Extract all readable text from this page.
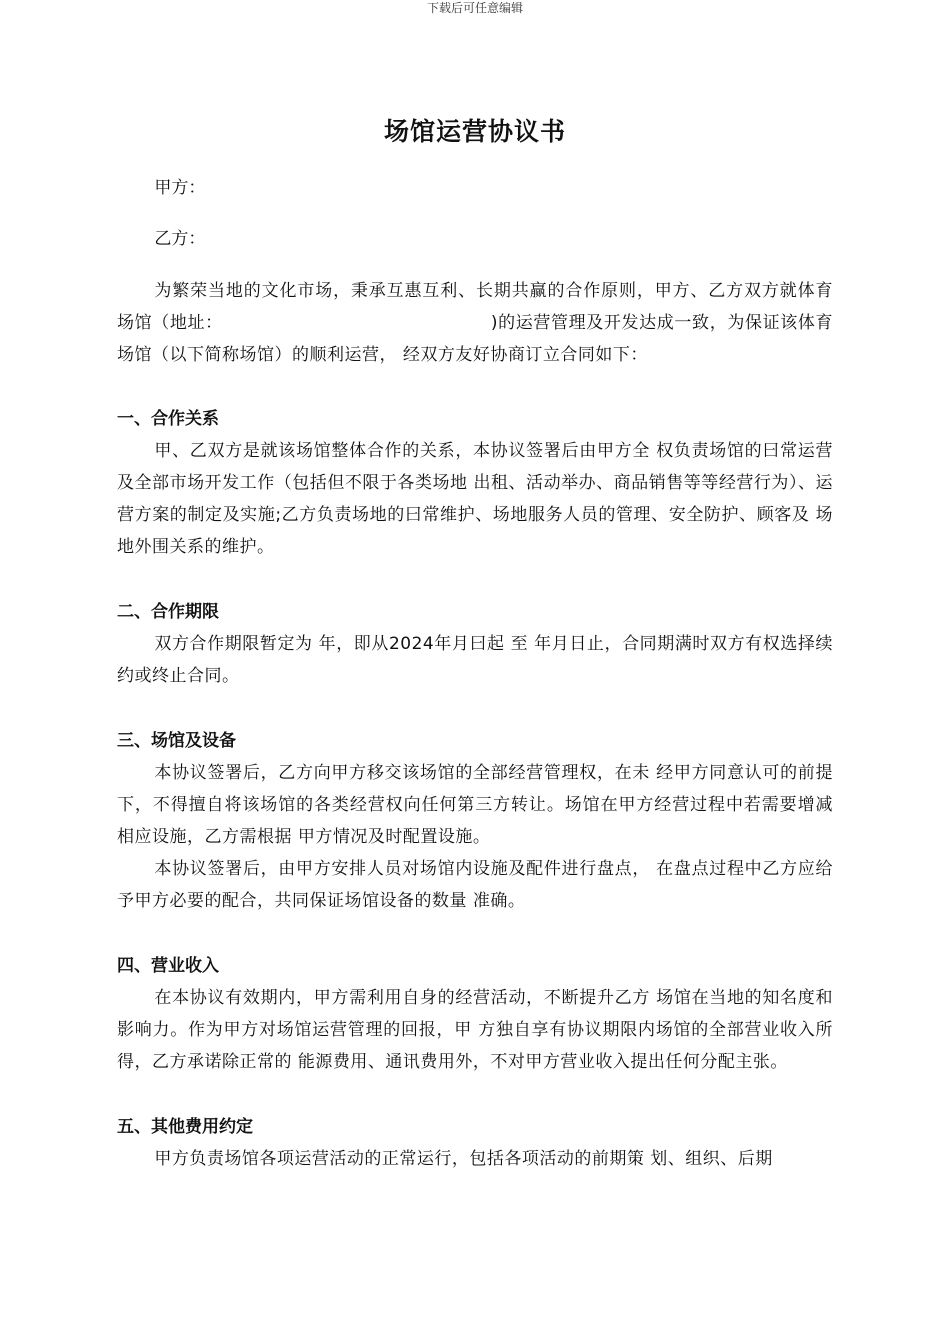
下载后可任意编辑
场馆运营协议书

甲方：

乙方：

为繁荣当地的文化市场，秉承互惠互利、长期共赢的合作原则，甲方、乙方双方就体育场馆（地址：	)的运营管理及开发达成一致，为保证该体育场馆（以下简称场馆）的顺利运营， 经双方友好协商订立合同如下：

一、合作关系

甲、乙双方是就该场馆整体合作的关系，本协议签署后由甲方全 权负责场馆的曰常运营及全部市场开发工作（包括但不限于各类场地 出租、活动举办、商品销售等等经营行为）、运营方案的制定及实施;乙方负责场地的曰常维护、场地服务人员的管理、安全防护、顾客及 场地外围关系的维护。

二、合作期限

双方合作期限暂定为 年，即从2024年月曰起 至 年月日止，合同期满时双方有权选择续约或终止合同。

三、场馆及设备

本协议签署后，乙方向甲方移交该场馆的全部经营管理权，在未 经甲方同意认可的前提下，不得擅自将该场馆的各类经营权向任何第三方转让。场馆在甲方经营过程中若需要增减相应设施，乙方需根据 甲方情况及时配置设施。

本协议签署后，由甲方安排人员对场馆内设施及配件进行盘点， 在盘点过程中乙方应给予甲方必要的配合，共同保证场馆设备的数量 准确。

四、营业收入

在本协议有效期内，甲方需利用自身的经营活动，不断提升乙方 场馆在当地的知名度和影响力。作为甲方对场馆运营管理的回报，甲 方独自享有协议期限内场馆的全部营业收入所得，乙方承诺除正常的 能源费用、通讯费用外，不对甲方营业收入提出任何分配主张。

五、其他费用约定

甲方负责场馆各项运营活动的正常运行，包括各项活动的前期策 划、组织、后期
